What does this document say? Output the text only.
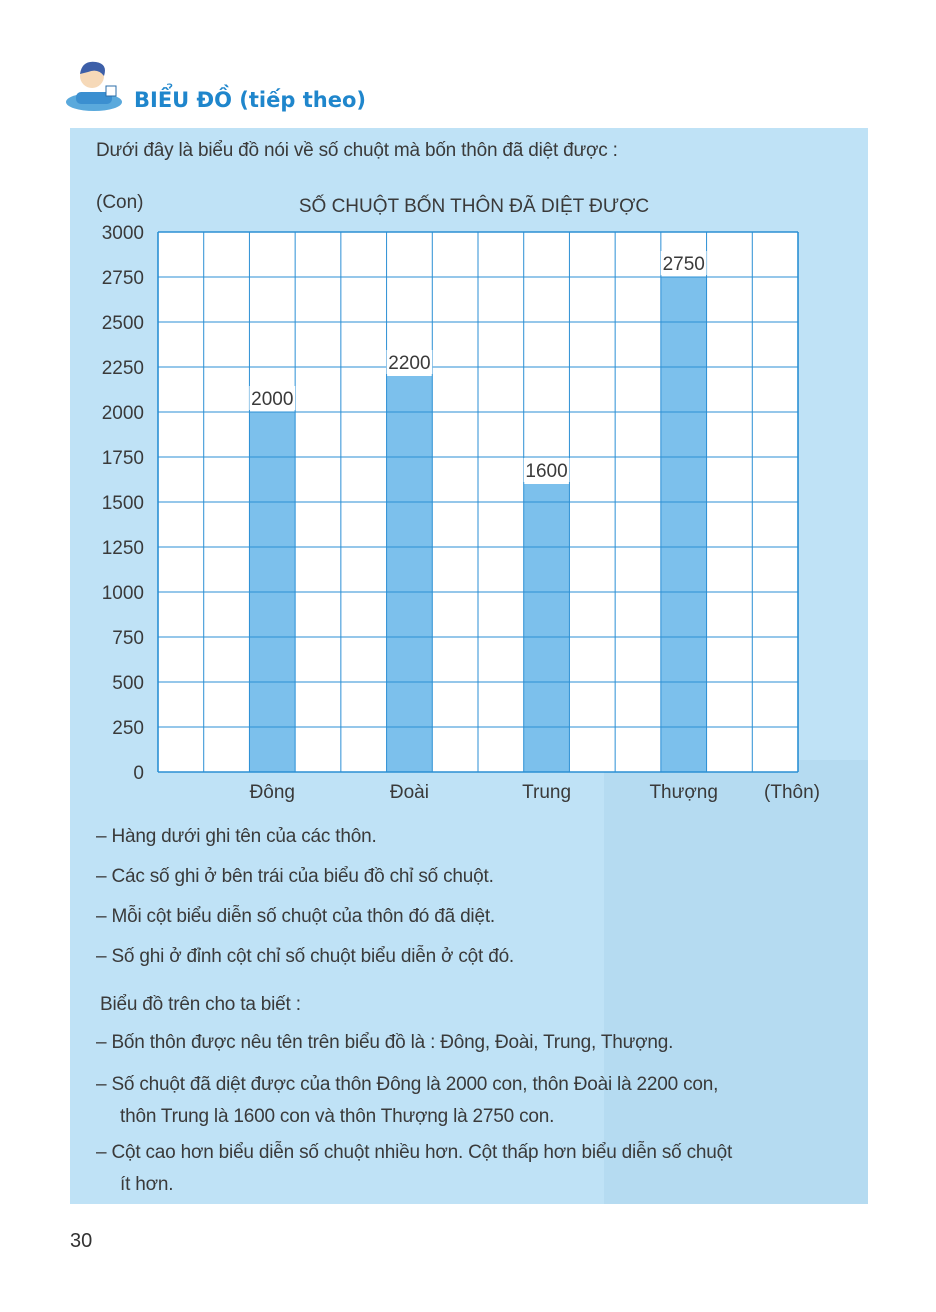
BIỂU ĐỒ (tiếp theo)
Dưới đây là biểu đồ nói về số chuột mà bốn thôn đã diệt được :
0
250
500
750
1000
1250
1500
1750
2000
2250
2500
2750
3000
2000
2200
1600
2750
Đông	Đoài	Trung	Thượng
(Con)
(Thôn)
SỐ CHUỘT BỐN THÔN ĐÃ DIỆT ĐƯỢC
– Hàng dưới ghi tên của các thôn.
– Các số ghi ở bên trái của biểu đồ chỉ số chuột.
– Mỗi cột biểu diễn số chuột của thôn đó đã diệt.
– Số ghi ở đỉnh cột chỉ số chuột biểu diễn ở cột đó.
Biểu đồ trên cho ta biết :
– Bốn thôn được nêu tên trên biểu đồ là : Đông, Đoài, Trung, Thượng.
– Số chuột đã diệt được của thôn Đông là 2000 con, thôn Đoài là 2200 con,
thôn Trung là 1600 con và thôn Thượng là 2750 con.
– Cột cao hơn biểu diễn số chuột nhiều hơn. Cột thấp hơn biểu diễn số chuột
ít hơn.
30
